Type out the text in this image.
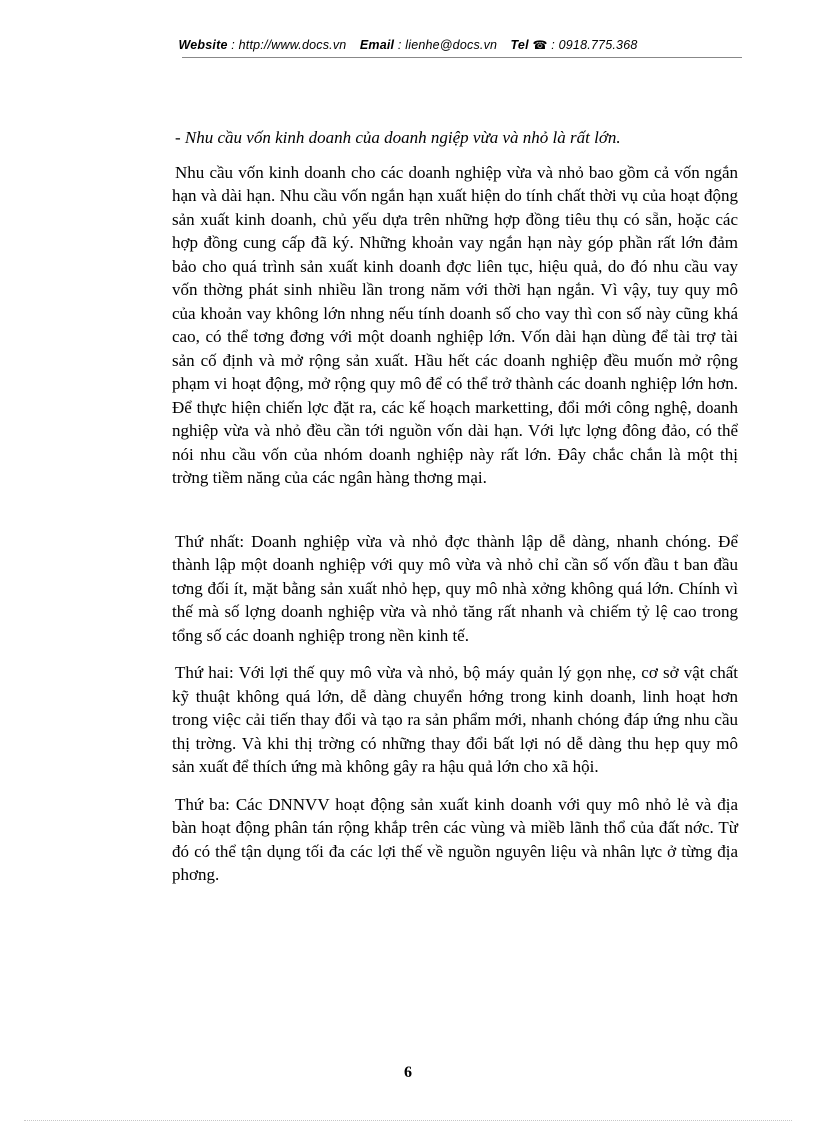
Website : http://www.docs.vn Email : lienhe@docs.vn Tel ☎ : 0918.775.368
- Nhu cầu vốn kinh doanh của doanh ngiệp vừa và nhỏ là rất lớn.

Nhu cầu vốn kinh doanh cho các doanh nghiệp vừa và nhỏ bao gồm cả vốn ngắn hạn và dài hạn. Nhu cầu vốn ngắn hạn xuất hiện do tính chất thời vụ của hoạt động sản xuất kinh doanh, chủ yếu dựa trên những hợp đồng tiêu thụ có sẵn, hoặc các hợp đồng cung cấp đã ký. Những khoản vay ngắn hạn này góp phần rất lớn đảm bảo cho quá trình sản xuất kinh doanh đợc liên tục, hiệu quả, do đó nhu cầu vay vốn thờng phát sinh nhiều lần trong năm với thời hạn ngắn. Vì vậy, tuy quy mô của khoản vay không lớn nhng nếu tính doanh số cho vay thì con số này cũng khá cao, có thể tơng đơng với một doanh nghiệp lớn. Vốn dài hạn dùng để tài trợ tài sản cố định và mở rộng sản xuất. Hầu hết các doanh nghiệp đều muốn mở rộng phạm vi hoạt động, mở rộng quy mô để có thể trở thành các doanh nghiệp lớn hơn. Để thực hiện chiến lợc đặt ra, các kế hoạch marketting, đổi mới công nghệ, doanh nghiệp vừa và nhỏ đều cần tới nguồn vốn dài hạn. Với lực lợng đông đảo, có thể nói nhu cầu vốn của nhóm doanh nghiệp này rất lớn. Đây chắc chắn là một thị trờng tiềm năng của các ngân hàng thơng mại.

Thứ nhất: Doanh nghiệp vừa và nhỏ đợc thành lập dễ dàng, nhanh chóng. Để thành lập một doanh nghiệp với quy mô vừa và nhỏ chỉ cần số vốn đầu t ban đầu tơng đối ít, mặt bằng sản xuất nhỏ hẹp, quy mô nhà xởng không quá lớn. Chính vì thế mà số lợng doanh nghiệp vừa và nhỏ tăng rất nhanh và chiếm tỷ lệ cao trong tổng số các doanh nghiệp trong nền kinh tế.

Thứ hai: Với lợi thế quy mô vừa và nhỏ, bộ máy quản lý gọn nhẹ, cơ sở vật chất kỹ thuật không quá lớn, dễ dàng chuyển hớng trong kinh doanh, linh hoạt hơn trong việc cải tiến thay đổi và tạo ra sản phẩm mới, nhanh chóng đáp ứng nhu cầu thị trờng. Và khi thị trờng có những thay đổi bất lợi nó dễ dàng thu hẹp quy mô sản xuất để thích ứng mà không gây ra hậu quả lớn cho xã hội.

Thứ ba: Các DNNVV hoạt động sản xuất kinh doanh với quy mô nhỏ lẻ và địa bàn hoạt động phân tán rộng khắp trên các vùng và miềb lãnh thổ của đất nớc. Từ đó có thể tận dụng tối đa các lợi thế về nguồn nguyên liệu và nhân lực ở từng địa phơng.

6
